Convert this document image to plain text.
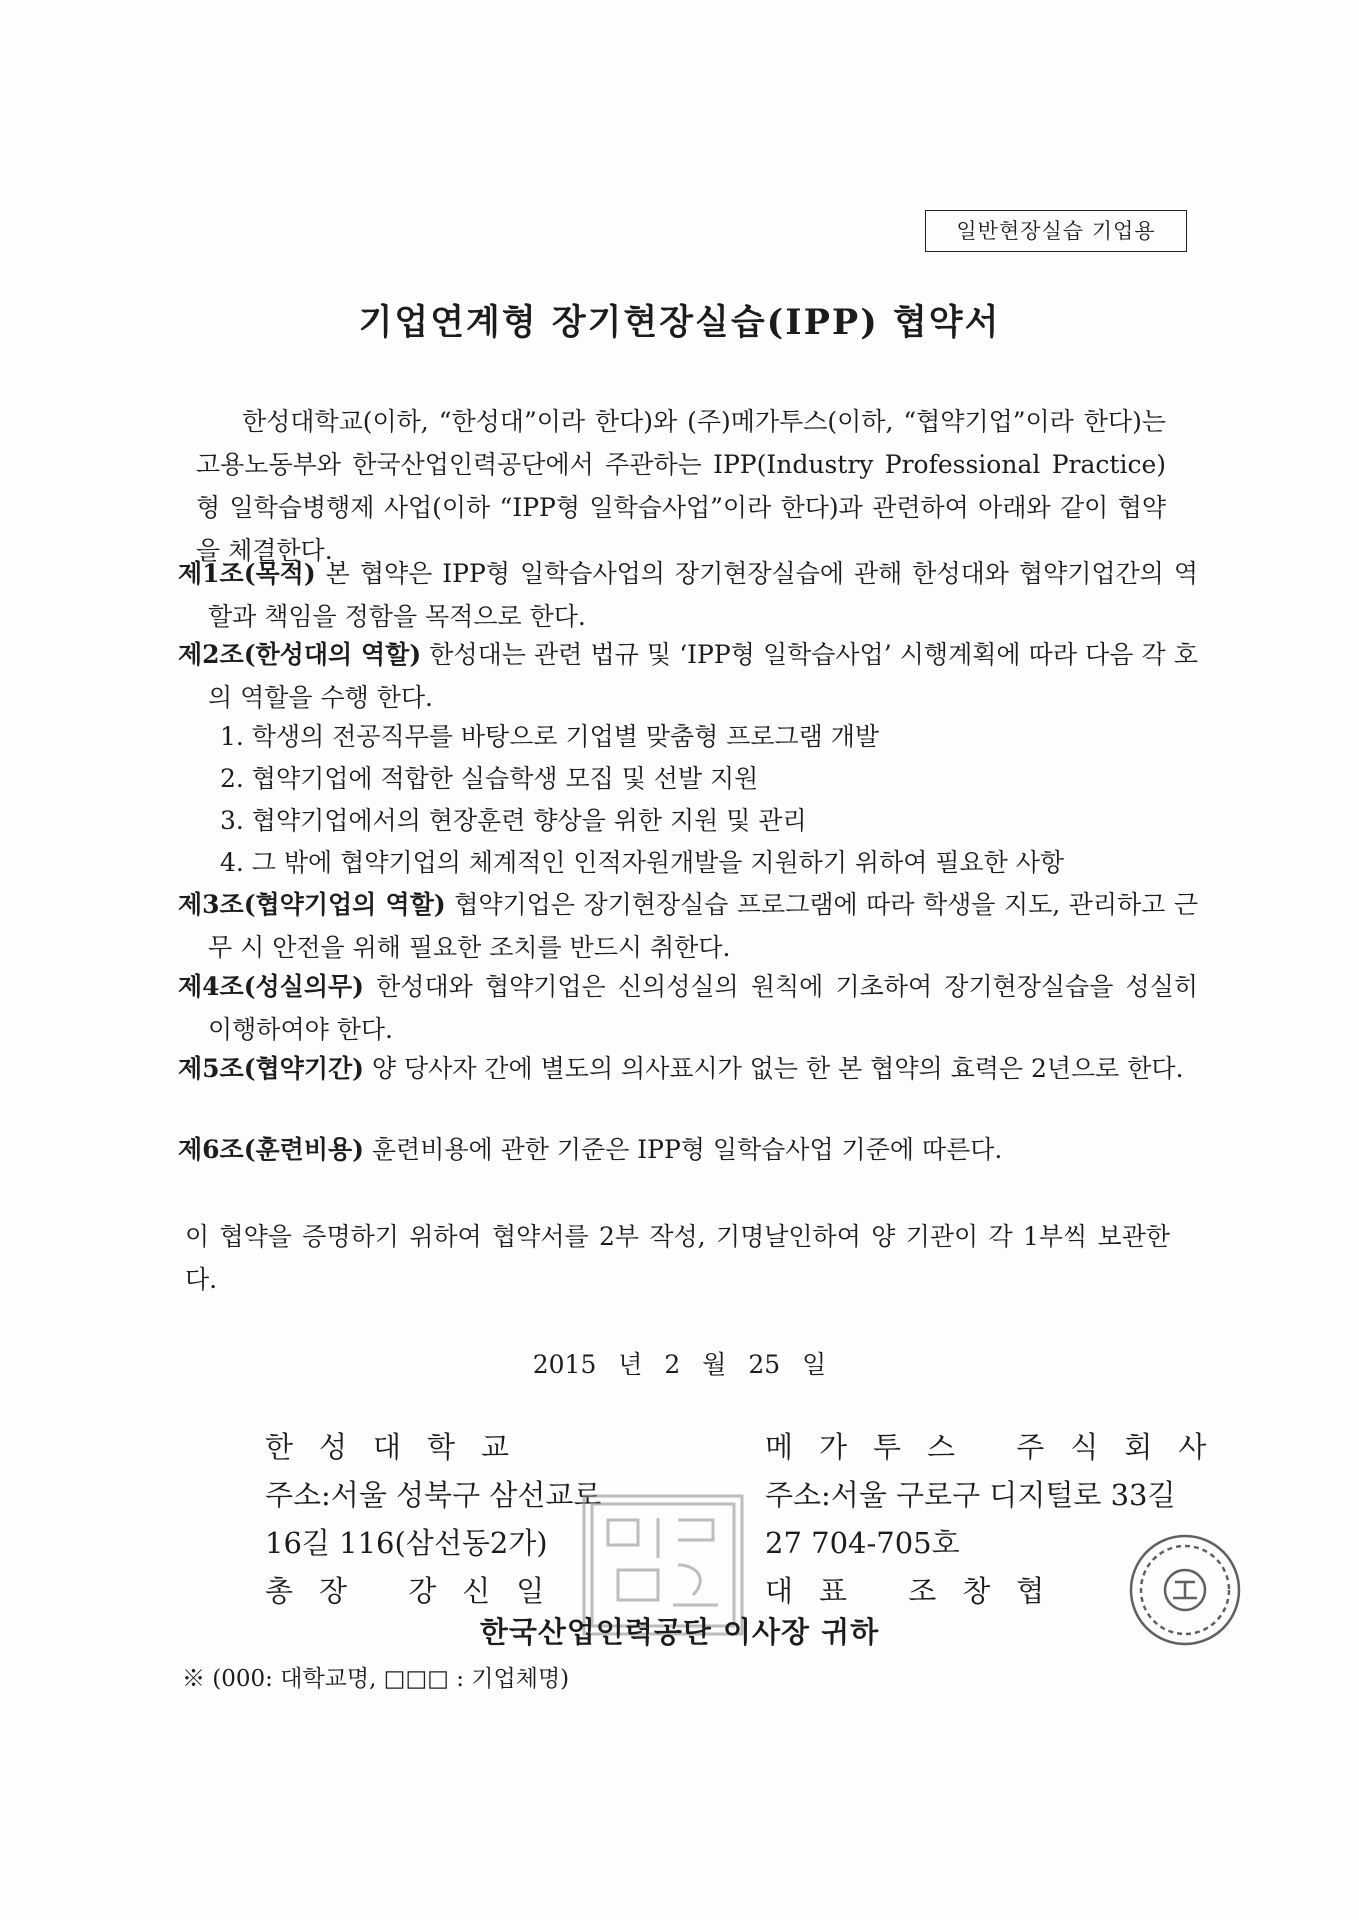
일반현장실습 기업용
기업연계형 장기현장실습(IPP) 협약서

한성대학교(이하, “한성대”이라 한다)와 (주)메가투스(이하, “협약기업”이라 한다)는 고용노동부와 한국산업인력공단에서 주관하는 IPP(Industry Professional Practice)형 일학습병행제 사업(이하 “IPP형 일학습사업”이라 한다)과 관련하여 아래와 같이 협약을 체결한다.

제1조(목적) 본 협약은 IPP형 일학습사업의 장기현장실습에 관해 한성대와 협약기업간의 역할과 책임을 정함을 목적으로 한다.

제2조(한성대의 역할) 한성대는 관련 법규 및 ‘IPP형 일학습사업’ 시행계획에 따라 다음 각 호의 역할을 수행 한다.

1. 학생의 전공직무를 바탕으로 기업별 맞춤형 프로그램 개발

2. 협약기업에 적합한 실습학생 모집 및 선발 지원

3. 협약기업에서의 현장훈련 향상을 위한 지원 및 관리

4. 그 밖에 협약기업의 체계적인 인적자원개발을 지원하기 위하여 필요한 사항

제3조(협약기업의 역할) 협약기업은 장기현장실습 프로그램에 따라 학생을 지도, 관리하고 근무 시 안전을 위해 필요한 조치를 반드시 취한다.

제4조(성실의무) 한성대와 협약기업은 신의성실의 원칙에 기초하여 장기현장실습을 성실히 이행하여야 한다.

제5조(협약기간) 양 당사자 간에 별도의 의사표시가 없는 한 본 협약의 효력은 2년으로 한다.

제6조(훈련비용) 훈련비용에 관한 기준은 IPP형 일학습사업 기준에 따른다.

이 협약을 증명하기 위하여 협약서를 2부 작성, 기명날인하여 양 기관이 각 1부씩 보관한다.

2015 년 2 월 25 일
한성대학교
주소:서울 성북구 삼선교로
16길 116(삼선동2가)
총장 강신일
메가투스 주식회사
주소:서울 구로구 디지털로 33길
27 704-705호
대표 조창협
한국산업인력공단 이사장 귀하
※ (000: 대학교명, □□□ : 기업체명)
